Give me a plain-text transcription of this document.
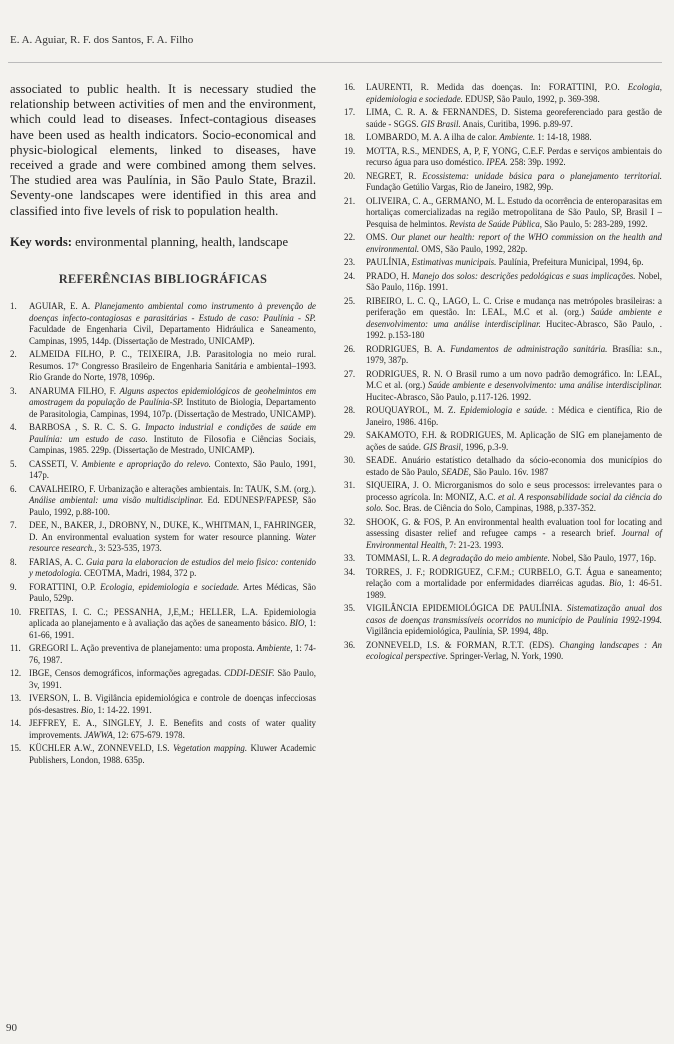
E. A. Aguiar, R. F. dos Santos, F. A. Filho

associated to public health. It is necessary studied the relationship between activities of men and the environment, which could lead to diseases. Infect-contagious diseases have been used as health indicators. Socio-economical and physic-biological elements, linked to diseases, have received a grade and were combined among them selves. The studied area was Paulínia, in São Paulo State, Brazil. Seventy-one landscapes were identified in this area and classified into five levels of risk to population health.

Key words: environmental planning, health, landscape

REFERÊNCIAS BIBLIOGRÁFICAS
1.	AGUIAR, E. A. Planejamento ambiental como instrumento à prevenção de doenças infecto-contagiosas e parasitárias - Estudo de caso: Paulínia - SP. Faculdade de Engenharia Civil, Departamento Hidráulica e Saneamento, Campinas, 1995, 144p. (Dissertação de Mestrado, UNICAMP).
2.	ALMEIDA FILHO, P. C., TEIXEIRA, J.B. Parasitologia no meio rural. Resumos. 17º Congresso Brasileiro de Engenharia Sanitária e ambiental–1993. Rio Grande do Norte, 1978, 1096p.
3.	ANARUMA FILHO, F. Alguns aspectos epidemiológicos de geohelmintos em amostragem da população de Paulínia-SP. Instituto de Biologia, Departamento de Parasitologia, Campinas, 1994, 107p. (Dissertação de Mestrado, UNICAMP).
4.	BARBOSA , S. R. C. S. G. Impacto industrial e condições de saúde em Paulínia: um estudo de caso. Instituto de Filosofia e Ciências Sociais, Campinas, 1985. 229p. (Dissertação de Mestrado, UNICAMP).
5.	CASSETI, V. Ambiente e apropriação do relevo. Contexto, São Paulo, 1991, 147p.
6.	CAVALHEIRO, F. Urbanização e alterações ambientais. In: TAUK, S.M. (org.). Análise ambiental: uma visão multidisciplinar. Ed. EDUNESP/FAPESP, São Paulo, 1992, p.88-100.
7.	DEE, N., BAKER, J., DROBNY, N., DUKE, K., WHITMAN, I., FAHRINGER, D. An environmental evaluation system for water resource planning. Water resource research., 3: 523-535, 1973.
8.	FARIAS, A. C. Guia para la elaboracion de estudios del meio fisico: contenido y metodologia. CEOTMA, Madri, 1984, 372 p.
9.	FORATTINI, O.P. Ecologia, epidemiologia e sociedade. Artes Médicas, São Paulo, 529p.
10. FREITAS, I. C. C.; PESSANHA, J,E,M.; HELLER, L.A. Epidemiologia aplicada ao planejamento e à avaliação das ações de saneamento básico. BIO, 1: 61-66, 1991.
11. GREGORI L. Ação preventiva de planejamento: uma proposta. Ambiente, 1: 74-76, 1987.
12. IBGE, Censos demográficos, informações agregadas. CDDI-DESIF. São Paulo, 3v, 1991.
13. IVERSON, L. B. Vigilância epidemiológica e controle de doenças infecciosas pós-desastres. Bio, 1: 14-22. 1991.
14. JEFFREY, E. A., SINGLEY, J. E. Benefits and costs of water quality improvements. JAWWA, 12: 675-679. 1978.
15. KÜCHLER A.W., ZONNEVELD, I.S. Vegetation mapping. Kluwer Academic Publishers, London, 1988. 635p.
16.	LAURENTI, R. Medida das doenças. In: FORATTINI, P.O. Ecologia, epidemiologia e sociedade. EDUSP, São Paulo, 1992, p. 369-398.
17.	LIMA, C. R. A. & FERNANDES, D. Sistema georeferenciado para gestão de saúde - SGGS. GIS Brasil. Anais, Curitiba, 1996. p.89-97.
18.	LOMBARDO, M. A. A ilha de calor. Ambiente. 1: 14-18, 1988.
19.	MOTTA, R.S., MENDES, A, P, F, YONG, C.E.F. Perdas e serviços ambientais do recurso água para uso doméstico. IPEA. 258: 39p. 1992.
20.	NEGRET, R. Ecossistema: unidade básica para o planejamento territorial. Fundação Getúlio Vargas, Rio de Janeiro, 1982, 99p.
21.	OLIVEIRA, C. A., GERMANO, M. L. Estudo da ocorrência de enteroparasitas em hortaliças comercializadas na região metropolitana de São Paulo, SP, Brasil I – Pesquisa de helmintos. Revista de Saúde Pública, São Paulo, 5: 283-289, 1992.
22.	OMS. Our planet our health: report of the WHO commission on the health and environmental. OMS, São Paulo, 1992, 282p.
23.	PAULÍNIA, Estimativas municipais. Paulínia, Prefeitura Municipal, 1994, 6p.
24.	PRADO, H. Manejo dos solos: descrições pedológicas e suas implicações. Nobel, São Paulo, 116p. 1991.
25.	RIBEIRO, L. C. Q., LAGO, L. C. Crise e mudança nas metrópoles brasileiras: a periferação em questão. In: LEAL, M.C et al. (org.) Saúde ambiente e desenvolvimento: uma análise interdisciplinar. Hucitec-Abrasco, São Paulo, . 1992. p.153-180
26.	RODRIGUES, B. A. Fundamentos de administração sanitária. Brasília: s.n., 1979, 387p.
27.	RODRIGUES, R. N. O Brasil rumo a um novo padrão demográfico. In: LEAL, M.C et al. (org.) Saúde ambiente e desenvolvimento: uma análise interdisciplinar. Hucitec-Abrasco, São Paulo, p.117-126. 1992.
28.	ROUQUAYROL, M. Z. Epidemiologia e saúde. : Médica e científica, Rio de Janeiro, 1986. 416p.
29.	SAKAMOTO, F.H. & RODRIGUES, M. Aplicação de SIG em planejamento de ações de saúde. GIS Brasil, 1996, p.3-9.
30.	SEADE. Anuário estatístico detalhado da sócio-economia dos municípios do estado de São Paulo, SEADE, São Paulo. 16v. 1987
31.	SIQUEIRA, J. O. Microrganismos do solo e seus processos: irrelevantes para o processo agrícola. In: MONIZ, A.C. et al. A responsabilidade social da ciência do solo. Soc. Bras. de Ciência do Solo, Campinas, 1988, p.337-352.
32.	SHOOK, G. & FOS, P. An environmental health evaluation tool for locating and assessing disaster relief and refugee camps - a research brief. Journal of Environmental Health, 7: 21-23. 1993.
33.	TOMMASI, L. R. A degradação do meio ambiente. Nobel, São Paulo, 1977, 16p.
34.	TORRES, J. F.; RODRIGUEZ, C.F.M.; CURBELO, G.T. Água e saneamento; relação com a mortalidade por enfermidades diarréicas agudas. Bio, 1: 46-51. 1989.
35.	VIGILÂNCIA EPIDEMIOLÓGICA DE PAULÍNIA. Sistematização anual dos casos de doenças transmissíveis ocorridos no município de Paulínia 1992-1994. Vigilância epidemiológica, Paulínia, SP. 1994, 48p.
36.	ZONNEVELD, I.S. & FORMAN, R.T.T. (EDS). Changing landscapes : An ecological perspective. Springer-Verlag, N. York, 1990.
90
